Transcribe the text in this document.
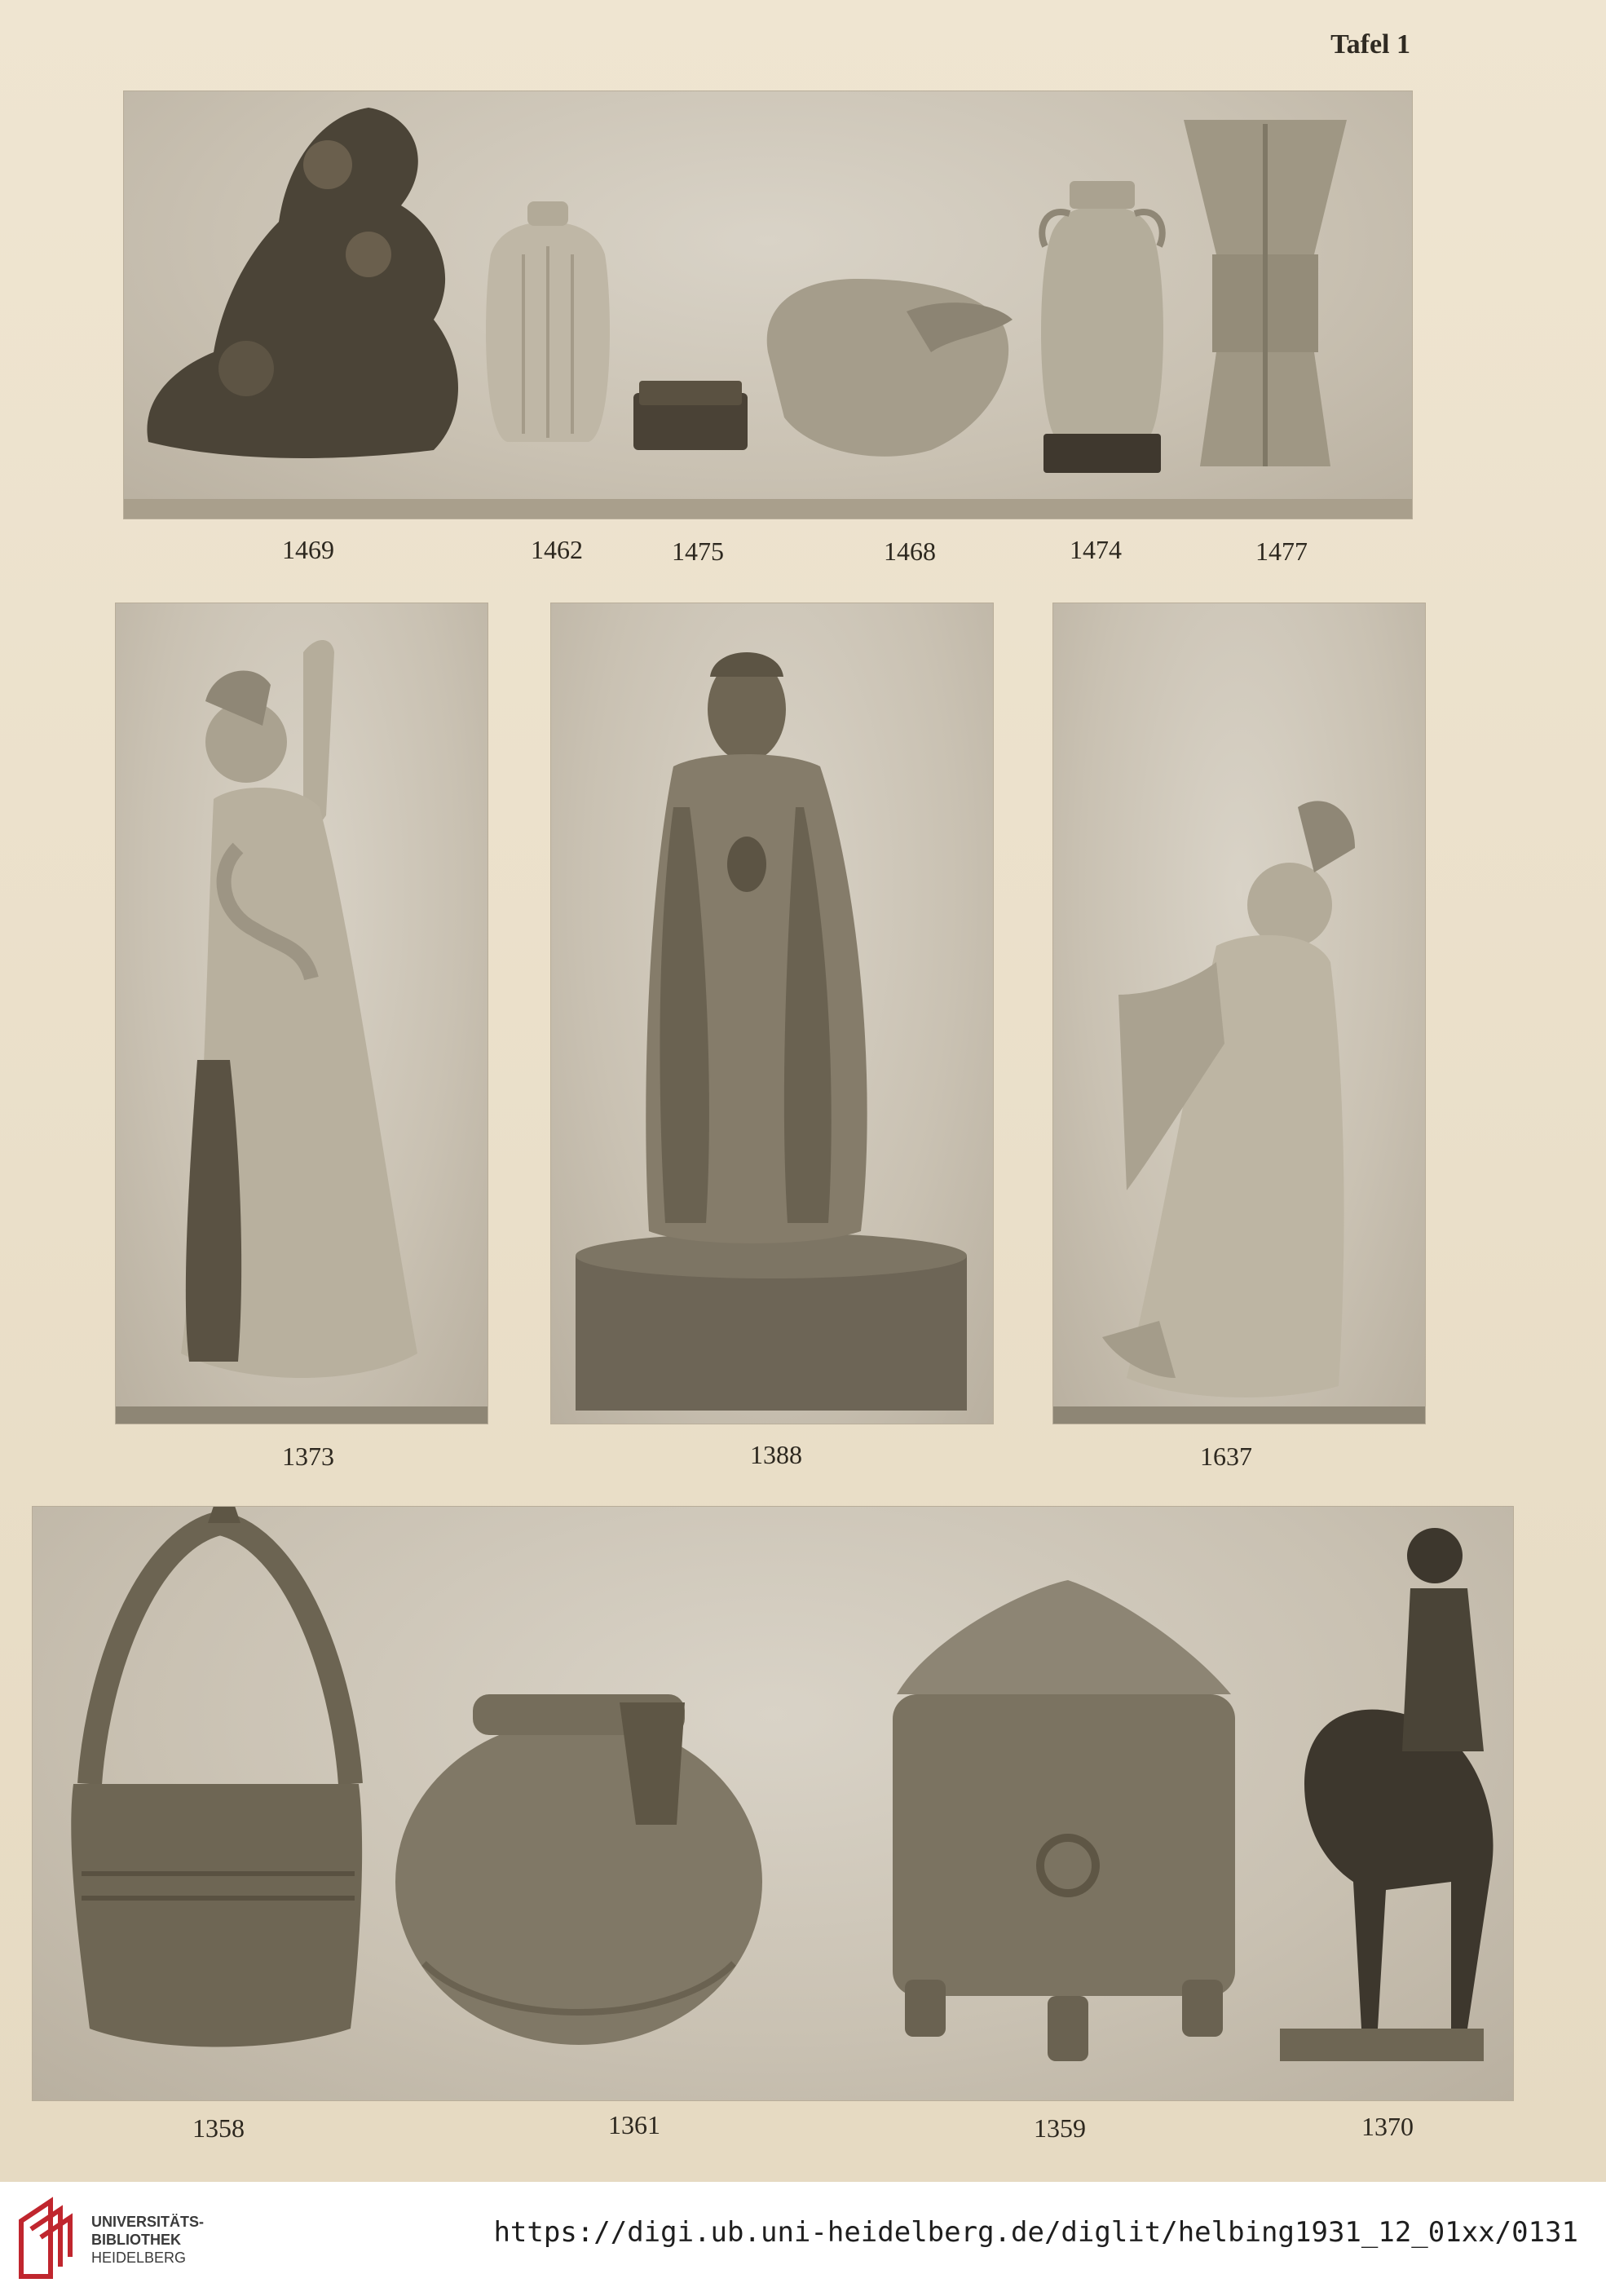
Tafel 1
1469	1462	1475	1468	1474	1477
1373	1388	1637
1358	1361	1359	1370
UNIVERSITÄTS-
BIBLIOTHEK
HEIDELBERG
https://digi.ub.uni-heidelberg.de/diglit/helbing1931_12_01xx/0131
